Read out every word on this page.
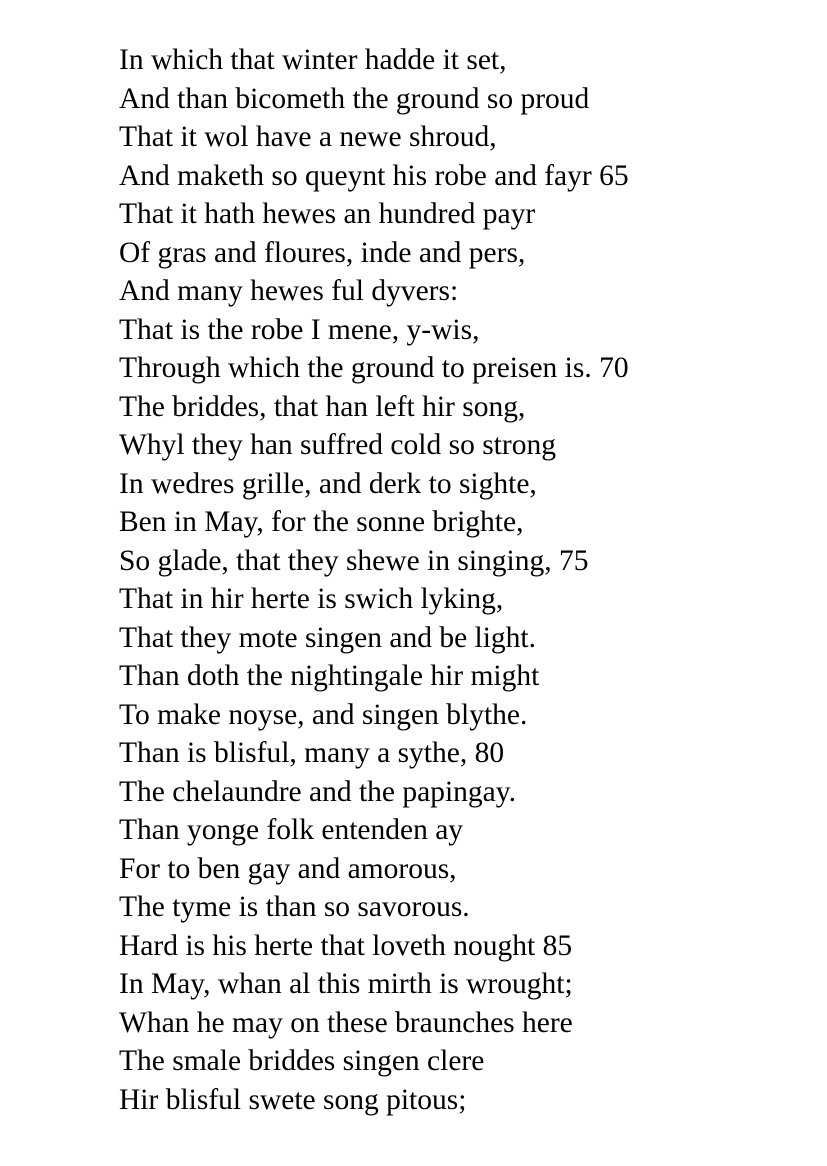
In which that winter hadde it set,
And than bicometh the ground so proud
That it wol have a newe shroud,
And maketh so queynt his robe and fayr 65
That it hath hewes an hundred payr
Of gras and floures, inde and pers,
And many hewes ful dyvers:
That is the robe I mene, y-wis,
Through which the ground to preisen is. 70
The briddes, that han left hir song,
Whyl they han suffred cold so strong
In wedres grille, and derk to sighte,
Ben in May, for the sonne brighte,
So glade, that they shewe in singing, 75
That in hir herte is swich lyking,
That they mote singen and be light.
Than doth the nightingale hir might
To make noyse, and singen blythe.
Than is blisful, many a sythe, 80
The chelaundre and the papingay.
Than yonge folk entenden ay
For to ben gay and amorous,
The tyme is than so savorous.
Hard is his herte that loveth nought 85
In May, whan al this mirth is wrought;
Whan he may on these braunches here
The smale briddes singen clere
Hir blisful swete song pitous;
